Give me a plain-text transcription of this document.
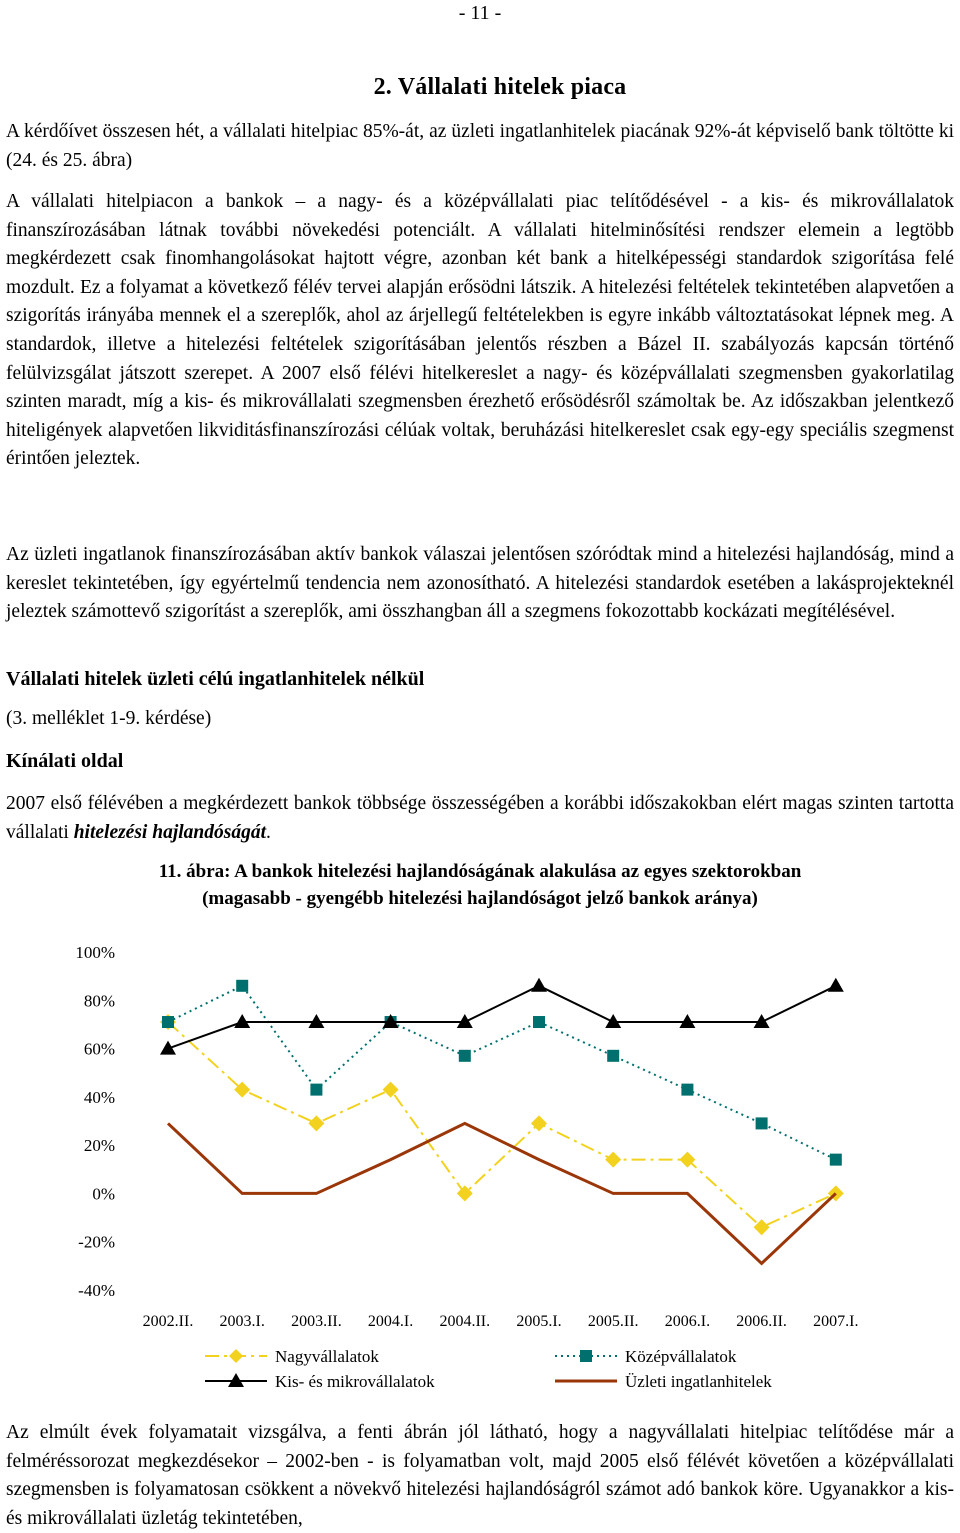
- 11 -
2. Vállalati hitelek piaca

A kérdőívet összesen hét, a vállalati hitelpiac 85%-át, az üzleti ingatlanhitelek piacának 92%-át képviselő bank töltötte ki (24. és 25. ábra)

A vállalati hitelpiacon a bankok – a nagy- és a középvállalati piac telítődésével - a kis- és mikrovállalatok finanszírozásában látnak további növekedési potenciált. A vállalati hitelminősítési rendszer elemein a legtöbb megkérdezett csak finomhangolásokat hajtott végre, azonban két bank a hitelképességi standardok szigorítása felé mozdult. Ez a folyamat a következő félév tervei alapján erősödni látszik. A hitelezési feltételek tekintetében alapvetően a szigorítás irányába mennek el a szereplők, ahol az árjellegű feltételekben is egyre inkább változtatásokat lépnek meg. A standardok, illetve a hitelezési feltételek szigorításában jelentős részben a Bázel II. szabályozás kapcsán történő felülvizsgálat játszott szerepet. A 2007 első félévi hitelkereslet a nagy- és középvállalati szegmensben gyakorlatilag szinten maradt, míg a kis- és mikrovállalati szegmensben érezhető erősödésről számoltak be. Az időszakban jelentkező hiteligények alapvetően likviditásfinanszírozási célúak voltak, beruházási hitelkereslet csak egy-egy speciális szegmenst érintően jeleztek.

Az üzleti ingatlanok finanszírozásában aktív bankok válaszai jelentősen szóródtak mind a hitelezési hajlandóság, mind a kereslet tekintetében, így egyértelmű tendencia nem azonosítható. A hitelezési standardok esetében a lakásprojekteknél jeleztek számottevő szigorítást a szereplők, ami összhangban áll a szegmens fokozottabb kockázati megítélésével.

Vállalati hitelek üzleti célú ingatlanhitelek nélkül
(3. melléklet 1-9. kérdése)
Kínálati oldal

2007 első félévében a megkérdezett bankok többsége összességében a korábbi időszakokban elért magas szinten tartotta vállalati hitelezési hajlandóságát.

11. ábra: A bankok hitelezési hajlandóságának alakulása az egyes szektorokban
(magasabb - gyengébb hitelezési hajlandóságot jelző bankok aránya)
100%
80%
60%
40%
20%
0%
-20%
-40%
2002.II. 2003.I. 2003.II. 2004.I. 2004.II. 2005.I. 2005.II. 2006.I. 2006.II. 2007.I.
Nagyvállalatok	Középvállalatok
Kis- és mikrovállalatok	Üzleti ingatlanhitelek

Az elmúlt évek folyamatait vizsgálva, a fenti ábrán jól látható, hogy a nagyvállalati hitelpiac telítődése már a felméréssorozat megkezdésekor – 2002-ben - is folyamatban volt, majd 2005 első félévét követően a középvállalati szegmensben is folyamatosan csökkent a növekvő hitelezési hajlandóságról számot adó bankok köre. Ugyanakkor a kis- és mikrovállalati üzletág tekintetében,
